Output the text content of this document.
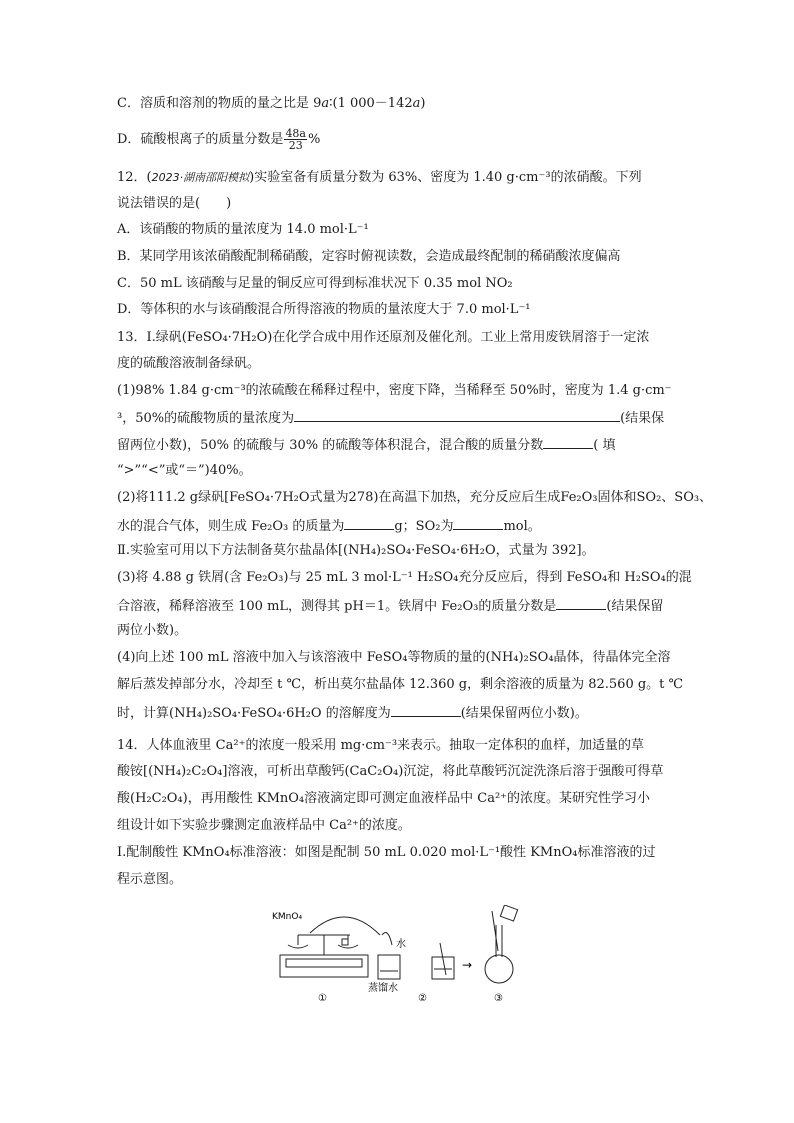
C．溶质和溶剂的物质的量之比是 9a∶(1 000－142a)
D．硫酸根离子的质量分数是 $\frac{48a}{23}$ %
12．(2023·湖南邵阳模拟)实验室备有质量分数为 63%、密度为 1.40 g·cm⁻³的浓硝酸。下列
说法错误的是(　　)
A．该硝酸的物质的量浓度为 14.0 mol·L⁻¹
B．某同学用该浓硝酸配制稀硝酸，定容时俯视读数，会造成最终配制的稀硝酸浓度偏高
C．50 mL 该硝酸与足量的铜反应可得到标准状况下 0.35 mol NO₂
D．等体积的水与该硝酸混合所得溶液的物质的量浓度大于 7.0 mol·L⁻¹
13．Ⅰ.绿矾(FeSO₄·7H₂O)在化学合成中用作还原剂及催化剂。工业上常用废铁屑溶于一定浓
度的硫酸溶液制备绿矾。
(1)98% 1.84 g·cm⁻³的浓硫酸在稀释过程中，密度下降，当稀释至 50%时，密度为 1.4 g·cm⁻
³，50%的硫酸物质的量浓度为	(结果保
留两位小数)，50% 的硫酸与 30% 的硫酸等体积混合，混合酸的质量分数	( 填
“>”“<”或“＝”)40%。
(2)将111.2 g绿矾[FeSO₄·7H₂O式量为278)在高温下加热，充分反应后生成Fe₂O₃固体和SO₂、SO₃、
水的混合气体，则生成 Fe₂O₃ 的质量为	g；SO₂为	mol。
Ⅱ.实验室可用以下方法制备莫尔盐晶体[(NH₄)₂SO₄·FeSO₄·6H₂O，式量为 392]。
(3)将 4.88 g 铁屑(含 Fe₂O₃)与 25 mL 3 mol·L⁻¹ H₂SO₄充分反应后，得到 FeSO₄和 H₂SO₄的混
合溶液，稀释溶液至 100 mL，测得其 pH＝1。铁屑中 Fe₂O₃的质量分数是	(结果保留
两位小数)。
(4)向上述 100 mL 溶液中加入与该溶液中 FeSO₄等物质的量的(NH₄)₂SO₄晶体，待晶体完全溶
解后蒸发掉部分水，冷却至 t ℃，析出莫尔盐晶体 12.360 g，剩余溶液的质量为 82.560 g。t ℃
时，计算(NH₄)₂SO₄·FeSO₄·6H₂O 的溶解度为	(结果保留两位小数)。
14．人体血液里 Ca²⁺的浓度一般采用 mg·cm⁻³来表示。抽取一定体积的血样，加适量的草
酸铵[(NH₄)₂C₂O₄]溶液，可析出草酸钙(CaC₂O₄)沉淀，将此草酸钙沉淀洗涤后溶于强酸可得草
酸(H₂C₂O₄)，再用酸性 KMnO₄溶液滴定即可测定血液样品中 Ca²⁺的浓度。某研究性学习小
组设计如下实验步骤测定血液样品中 Ca²⁺的浓度。
Ⅰ.配制酸性 KMnO₄标准溶液：如图是配制 50 mL 0.020 mol·L⁻¹酸性 KMnO₄标准溶液的过
程示意图。
KMnO₄
①
水
蒸馏水
②
→
③
